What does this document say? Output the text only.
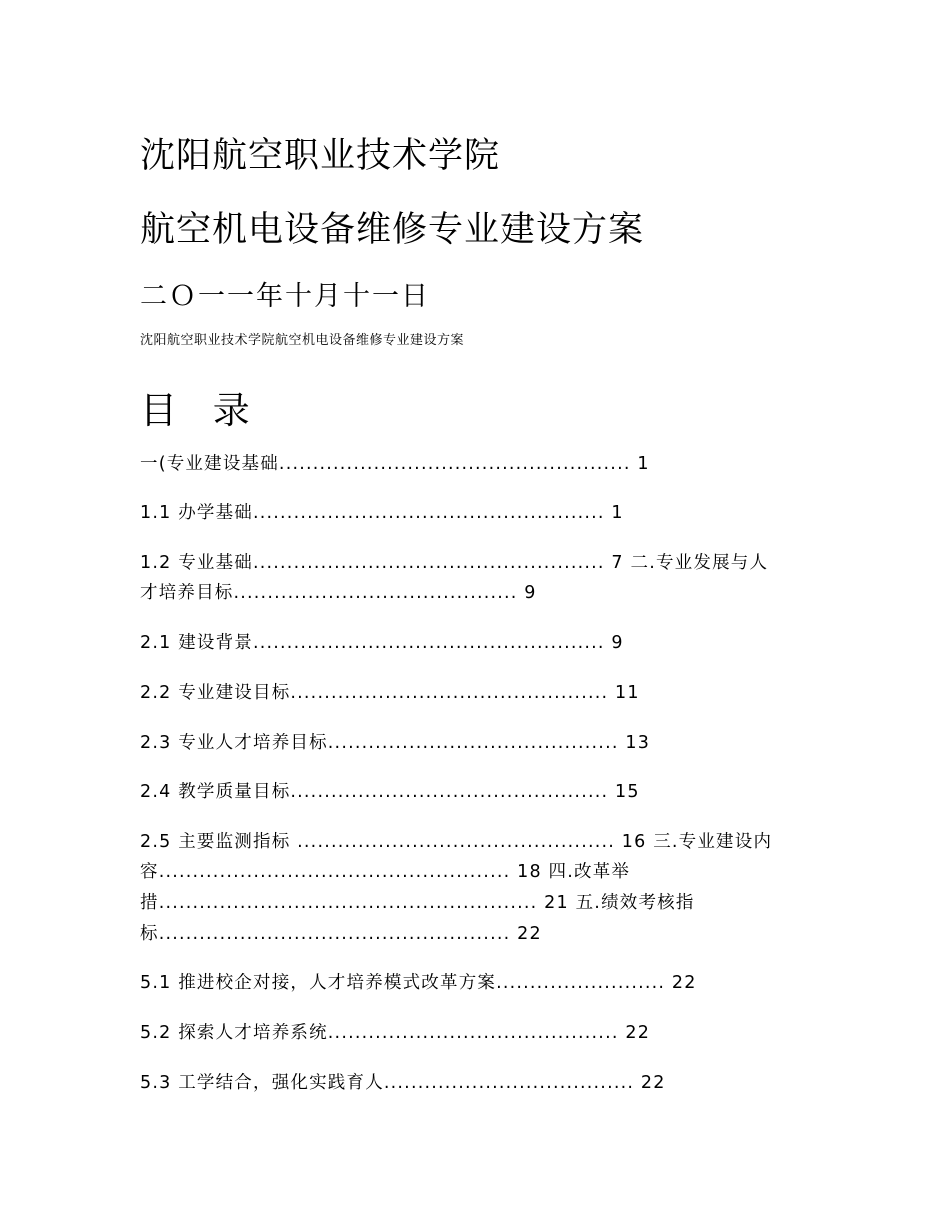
沈阳航空职业技术学院
航空机电设备维修专业建设方案
二Ｏ一一年十月十一日
沈阳航空职业技术学院航空机电设备维修专业建设方案
目 录
一(专业建设基础.................................................... 1
1.1 办学基础.................................................... 1
1.2 专业基础.................................................... 7 二.专业发展与人
才培养目标.......................................... 9
2.1 建设背景.................................................... 9
2.2 专业建设目标............................................... 11
2.3 专业人才培养目标........................................... 13
2.4 教学质量目标............................................... 15
2.5 主要监测指标 ............................................... 16 三.专业建设内
容.................................................... 18 四.改革举
措........................................................ 21 五.绩效考核指
标.................................................... 22
5.1 推进校企对接，人才培养模式改革方案......................... 22
5.2 探索人才培养系统........................................... 22
5.3 工学结合，强化实践育人..................................... 22
